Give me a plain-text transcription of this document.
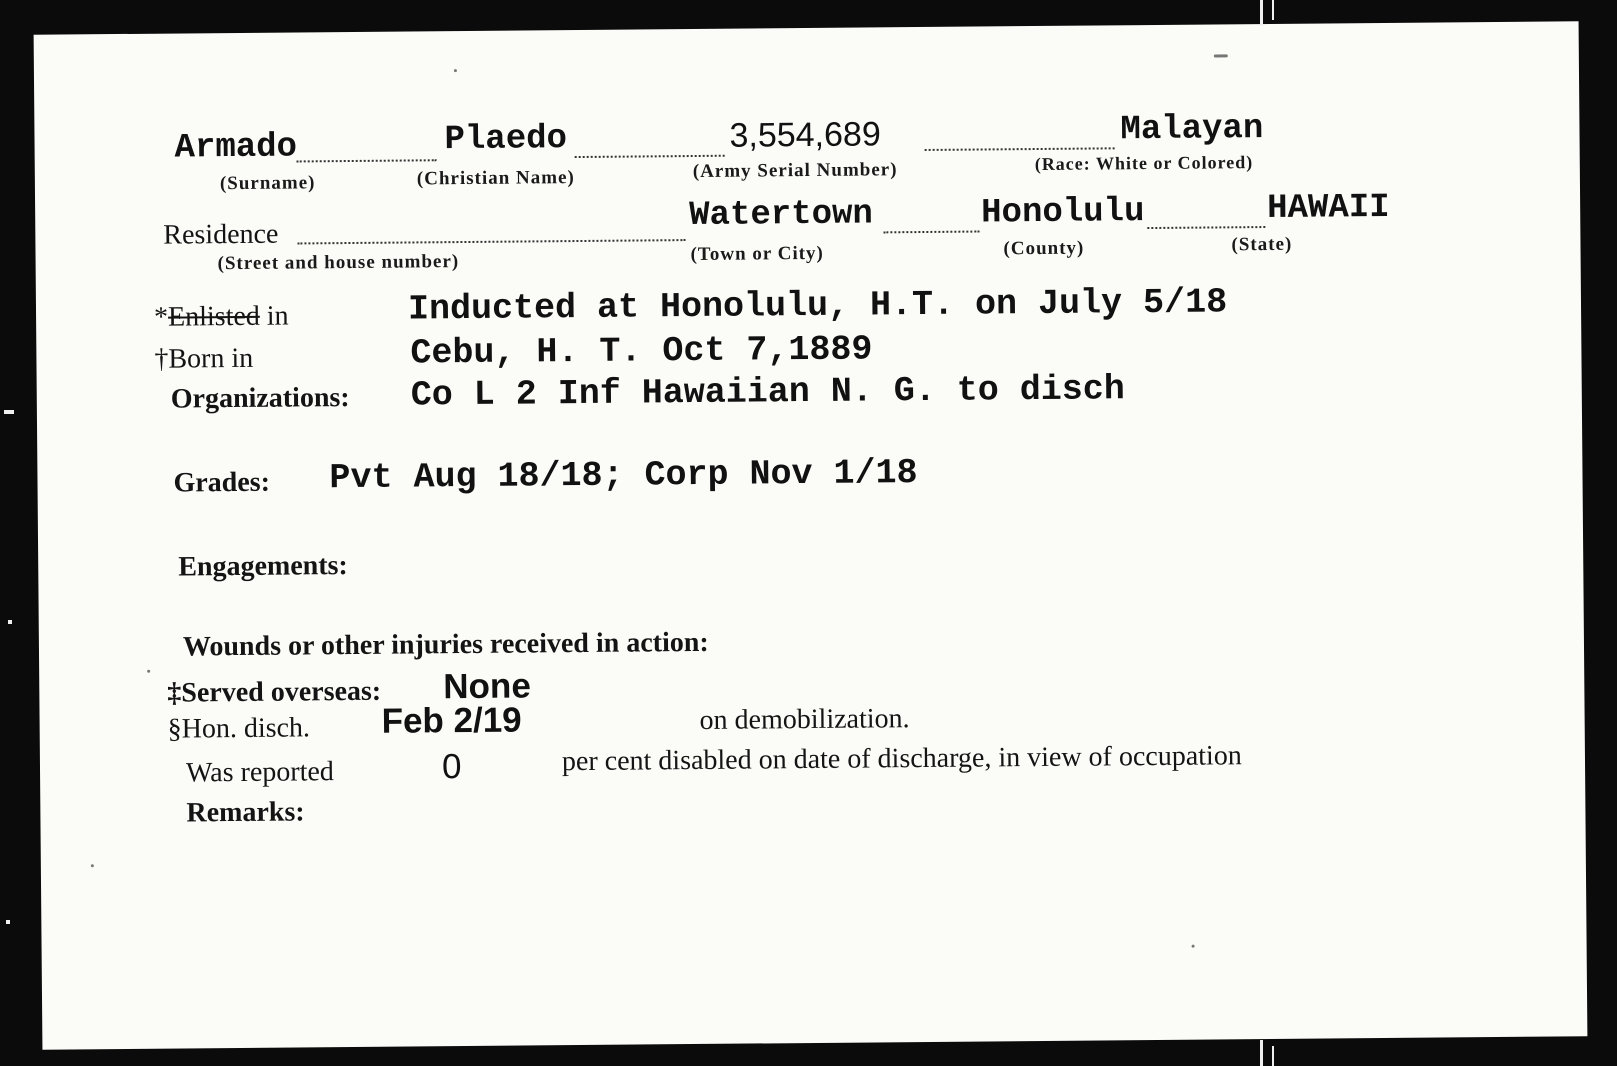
Armado	Plaedo	3,554,689	Malayan
(Surname)	(Christian Name)	(Army Serial Number)	(Race: White or Colored)
Residence	Watertown	Honolulu	HAWAII
(Street and house number)	(Town or City)	(County)	(State)
*Enlisted in	Inducted at Honolulu, H.T. on July 5/18
†Born in	Cebu, H. T. Oct 7,1889
Organizations: Co L 2 Inf Hawaiian N. G. to disch
Grades: Pvt Aug 18/18; Corp Nov 1/18
Engagements:
Wounds or other injuries received in action:
‡Served overseas: None
§Hon. disch. Feb 2/19	on demobilization.
Was reported	0	per cent disabled on date of discharge, in view of occupation
Remarks:
